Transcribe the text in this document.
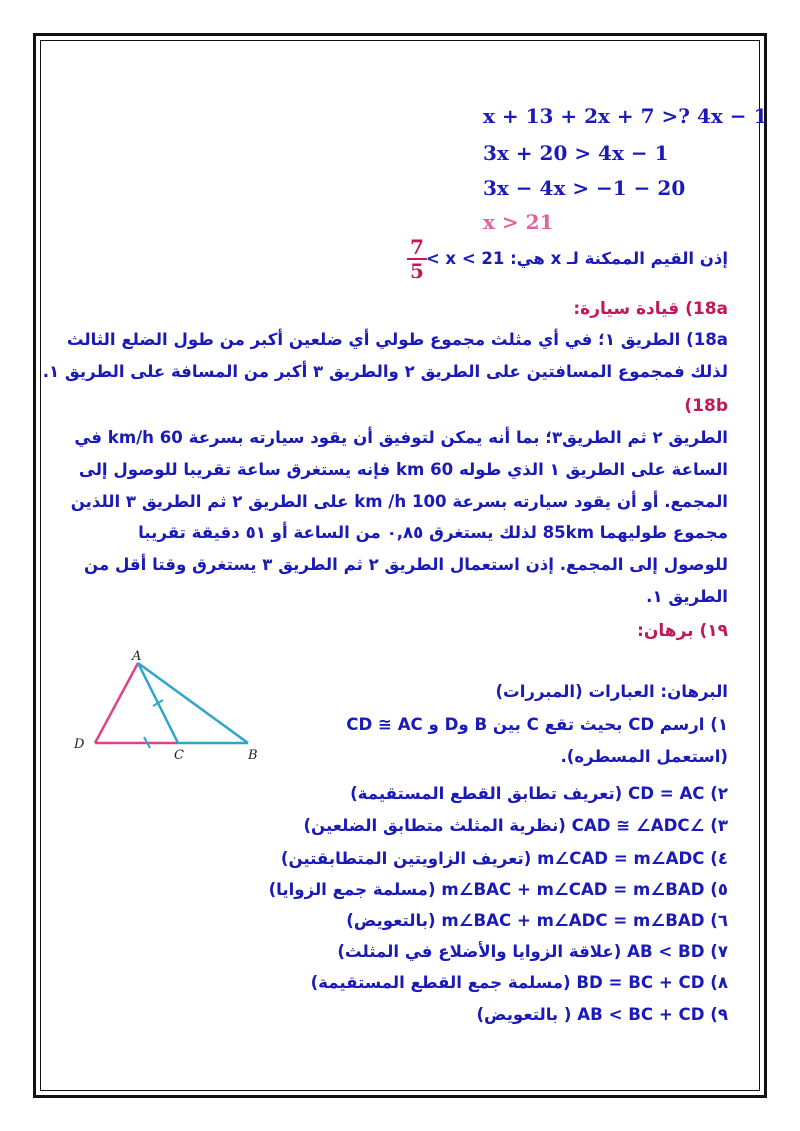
x + 13 + 2x + 7 >? 4x − 1
3x + 20 > 4x − 1
3x − 4x > −1 − 20
x > 21
إذن القيم الممكنة لـ x هي: 21 > x >
7
5
18a) قيادة سيارة:
18a) الطريق ١؛ في أي مثلث مجموع طولي أي ضلعين أكبر من طول الضلع الثالث
لذلك فمجموع المسافتين على الطريق ٢ والطريق ٣ أكبر من المسافة على الطريق ١.
18b)
الطريق ٢ ثم الطريق٣؛ بما أنه يمكن لتوفيق أن يقود سيارته بسرعة km/h 60 في
الساعة على الطريق ١ الذي طوله km 60 فإنه يستغرق ساعة تقريبا للوصول إلى
المجمع. أو أن يقود سيارته بسرعة km /h 100 على الطريق ٢ ثم الطريق ٣ اللذين
مجموع طوليهما 85km لذلك يستغرق ٠,٨٥ من الساعة أو ٥١ دقيقة تقريبا
للوصول إلى المجمع. إذن استعمال الطريق ٢ ثم الطريق ٣ يستغرق وقتا أقل من
الطريق ١.
١٩) برهان:
A
D
C	B
البرهان: العبارات (المبررات)
١) ارسم CD بحيث تقع C بين B وD و CD ≅ AC
(استعمل المسطره).
٢) CD = AC (تعريف تطابق القطع المستقيمة)
٣) ∠CAD ≅ ∠ADC (نظرية المثلث متطابق الضلعين)
٤) m∠CAD = m∠ADC (تعريف الزاويتين المتطابقتين)
٥) m∠BAC + m∠CAD = m∠BAD (مسلمة جمع الزوايا)
٦) m∠BAC + m∠ADC = m∠BAD (بالتعويض)
٧) AB < BD (علاقة الزوايا والأضلاع في المثلث)
٨) BD = BC + CD (مسلمة جمع القطع المستقيمة)
٩) AB < BC + CD ( بالتعويض)
